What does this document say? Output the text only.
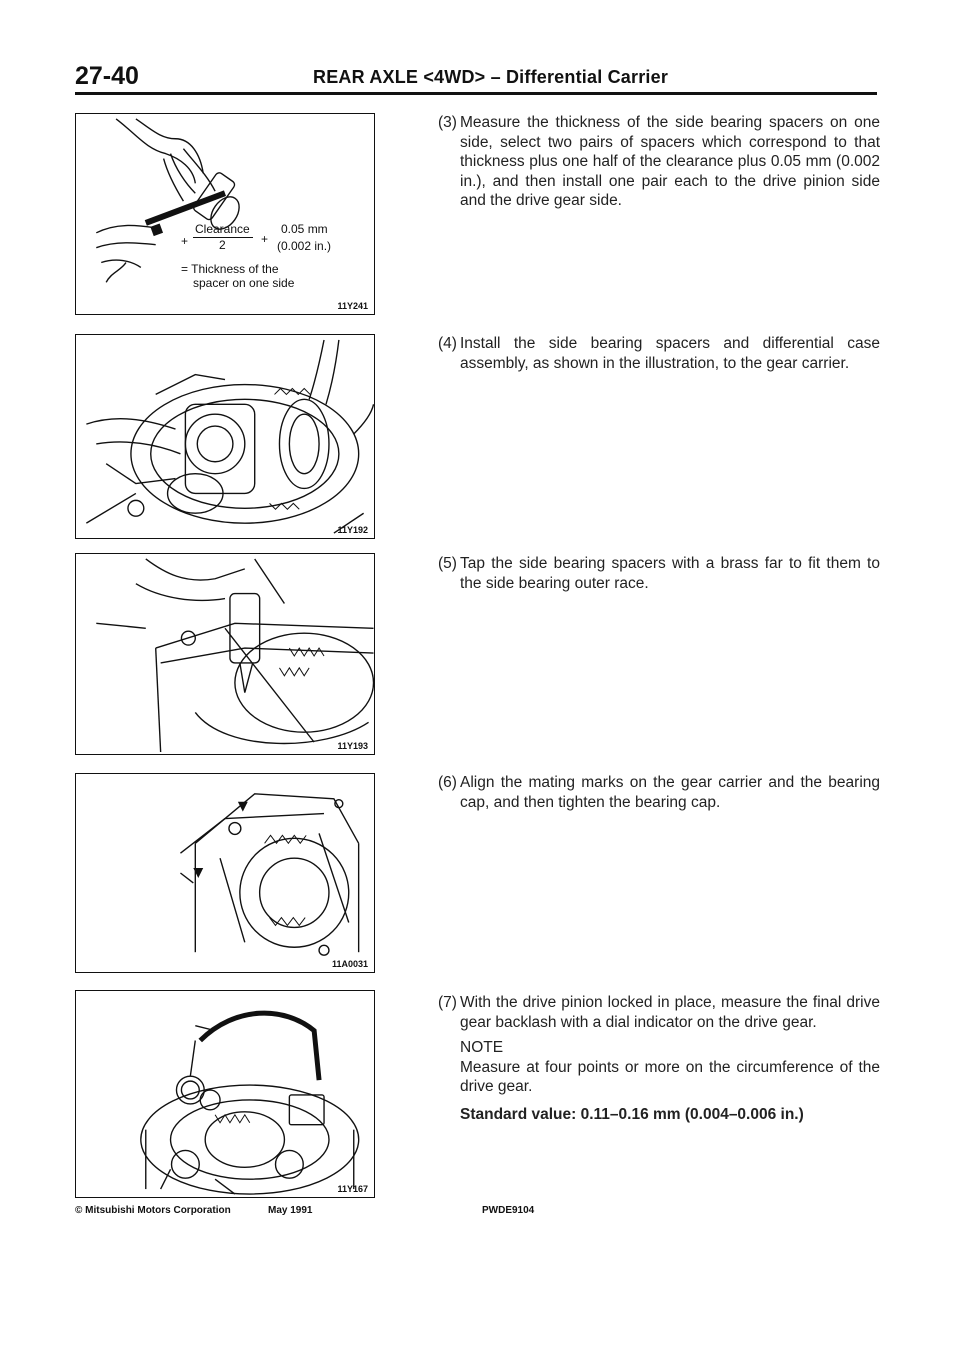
27-40	REAR AXLE <4WD> – Differential Carrier
+
Clearance
2	+
0.05 mm
(0.002 in.)
= Thickness of the
spacer on one side
11Y241
11Y192
11Y193
11A0031
11Y167
(3) Measure the thickness of the side bearing spacers on one side, select two pairs of spacers which correspond to that thickness plus one half of the clearance plus 0.05 mm (0.002 in.), and then install one pair each to the drive pinion side and the drive gear side.
(4) Install the side bearing spacers and differential case assembly, as shown in the illustration, to the gear carrier.
(5) Tap the side bearing spacers with a brass far to fit them to the side bearing outer race.
(6) Align the mating marks on the gear carrier and the bearing cap, and then tighten the bearing cap.
(7) With the drive pinion locked in place, measure the final drive gear backlash with a dial indicator on the drive gear.
NOTE
Measure at four points or more on the circumference of the drive gear.
Standard value: 0.11–0.16 mm (0.004–0.006 in.)
© Mitsubishi Motors Corporation	May 1991	PWDE9104
